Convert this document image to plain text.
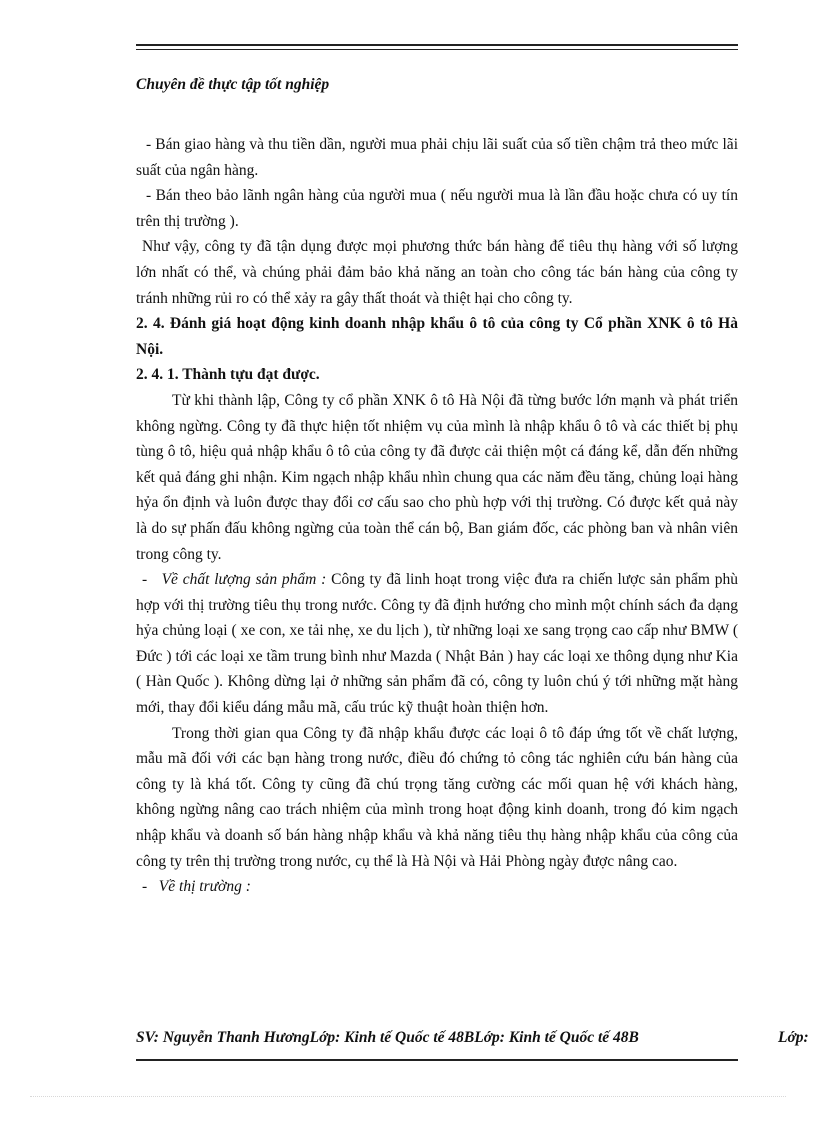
Chuyên đề thực tập tốt nghiệp

- Bán giao hàng và thu tiền dần, người mua phải chịu lãi suất của số tiền chậm trả theo mức lãi suất của ngân hàng.

- Bán theo bảo lãnh ngân hàng của người mua ( nếu người mua là lần đầu hoặc chưa có uy tín trên thị trường ).

Như vậy, công ty đã tận dụng được mọi phương thức bán hàng để tiêu thụ hàng với số lượng lớn nhất có thể, và chúng phải đảm bảo khả năng an toàn cho công tác bán hàng của công ty tránh những rủi ro có thể xảy ra gây thất thoát và thiệt hại cho công ty.

2. 4. Đánh giá hoạt động kinh doanh nhập khẩu ô tô của công ty Cổ phần XNK ô tô Hà Nội.

2. 4. 1. Thành tựu đạt được.

Từ khi thành lập, Công ty cổ phần XNK ô tô Hà Nội đã từng bước lớn mạnh và phát triển không ngừng. Công ty đã thực hiện tốt nhiệm vụ của mình là nhập khẩu ô tô và các thiết bị phụ tùng ô tô, hiệu quả nhập khẩu ô tô của công ty đã được cải thiện một cá đáng kể, dẫn đến những kết quả đáng ghi nhận. Kim ngạch nhập khẩu nhìn chung qua các năm đều tăng, chủng loại hàng hỷa ổn định và luôn được thay đổi cơ cấu sao cho phù hợp với thị trường. Có được kết quả này là do sự phấn đấu không ngừng của toàn thể cán bộ, Ban giám đốc, các phòng ban và nhân viên trong công ty.

- Về chất lượng sản phẩm : Công ty đã linh hoạt trong việc đưa ra chiến lược sản phẩm phù hợp với thị trường tiêu thụ trong nước. Công ty đã định hướng cho mình một chính sách đa dạng hỷa chủng loại ( xe con, xe tải nhẹ, xe du lịch ), từ những loại xe sang trọng cao cấp như BMW ( Đức ) tới các loại xe tầm trung bình như Mazda ( Nhật Bản ) hay các loại xe thông dụng như Kia ( Hàn Quốc ). Không dừng lại ở những sản phẩm đã có, công ty luôn chú ý tới những mặt hàng mới, thay đổi kiểu dáng mẫu mã, cấu trúc kỹ thuật hoàn thiện hơn.

Trong thời gian qua Công ty đã nhập khẩu được các loại ô tô đáp ứng tốt về chất lượng, mẫu mã đối với các bạn hàng trong nước, điều đó chứng tỏ công tác nghiên cứu bán hàng của công ty là khá tốt. Công ty cũng đã chú trọng tăng cường các mối quan hệ với khách hàng, không ngừng nâng cao trách nhiệm của mình trong hoạt động kinh doanh, trong đó kim ngạch nhập khẩu và doanh số bán hàng nhập khẩu và khả năng tiêu thụ hàng nhập khẩu của công của công ty trên thị trường trong nước, cụ thể là Hà Nội và Hải Phòng ngày được nâng cao.

- Về thị trường :

SV: Nguyễn Thanh HươngLớp: Kinh tế Quốc tế 48BLớp: Kinh tế Quốc tế 48B	Lớp:
